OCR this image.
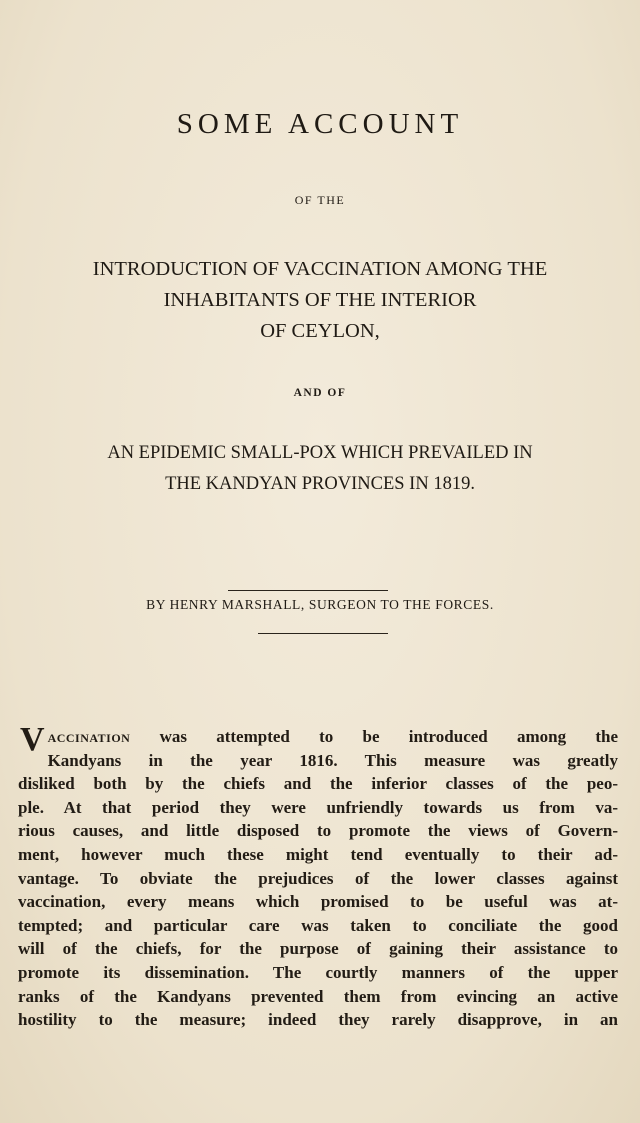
SOME ACCOUNT
OF THE
INTRODUCTION OF VACCINATION AMONG THE
INHABITANTS OF THE INTERIOR
OF CEYLON,
AND OF
AN EPIDEMIC SMALL-POX WHICH PREVAILED IN
THE KANDYAN PROVINCES IN 1819.
BY HENRY MARSHALL, SURGEON TO THE FORCES.
V accination was attempted to be introduced among the
Kandyans in the year 1816. This measure was greatly
disliked both by the chiefs and the inferior classes of the peo-
ple. At that period they were unfriendly towards us from va-
rious causes, and little disposed to promote the views of Govern-
ment, however much these might tend eventually to their ad-
vantage. To obviate the prejudices of the lower classes against
vaccination, every means which promised to be useful was at-
tempted; and particular care was taken to conciliate the good
will of the chiefs, for the purpose of gaining their assistance to
promote its dissemination. The courtly manners of the upper
ranks of the Kandyans prevented them from evincing an active
hostility to the measure; indeed they rarely disapprove, in an
